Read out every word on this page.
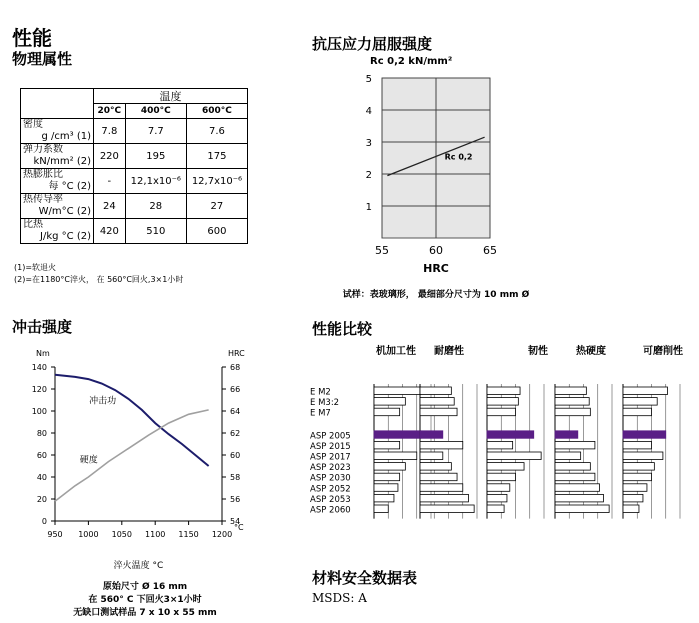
性能
物理属性
	温度		
	20°C	400°C	600°C

密度
g /cm³ (1)	7.8	7.7	7.6

弹力系数
kN/mm² (2)	220	195	175

热膨胀比
每 °C (2)	-	12,1x10⁻⁶	12,7x10⁻⁶

热传导率
W/m°C (2)	24	28	27

比热
J/kg °C (2)	420	510	600
(1)=软退火
(2)=在1180°C淬火， 在 560°C回火,3×1小时
抗压应力屈服强度
Rc 0,2 kN/mm²
1
2
3
4
5
55	60	65
Rc 0,2
HRC
试样：表玻璃形， 最细部分尺寸为 10 mm Ø
冲击强度
Nm	HRC
0
20
40
60
80
100
120
140
54
56
58
60
62
64
66
68
°C
950 1000 1050 1100 1150 1200
冲击功
硬度
淬火温度 °C
原始尺寸 Ø 16 mm
在 560° C 下回火3×1小时
无缺口测试样品 7 x 10 x 55 mm
性能比较
机加工性 耐磨性	韧性	热硬度	可磨削性
E M2
E M3:2
E M7
ASP 2005
ASP 2015
ASP 2017
ASP 2023
ASP 2030
ASP 2052
ASP 2053
ASP 2060
材料安全数据表
MSDS: A
